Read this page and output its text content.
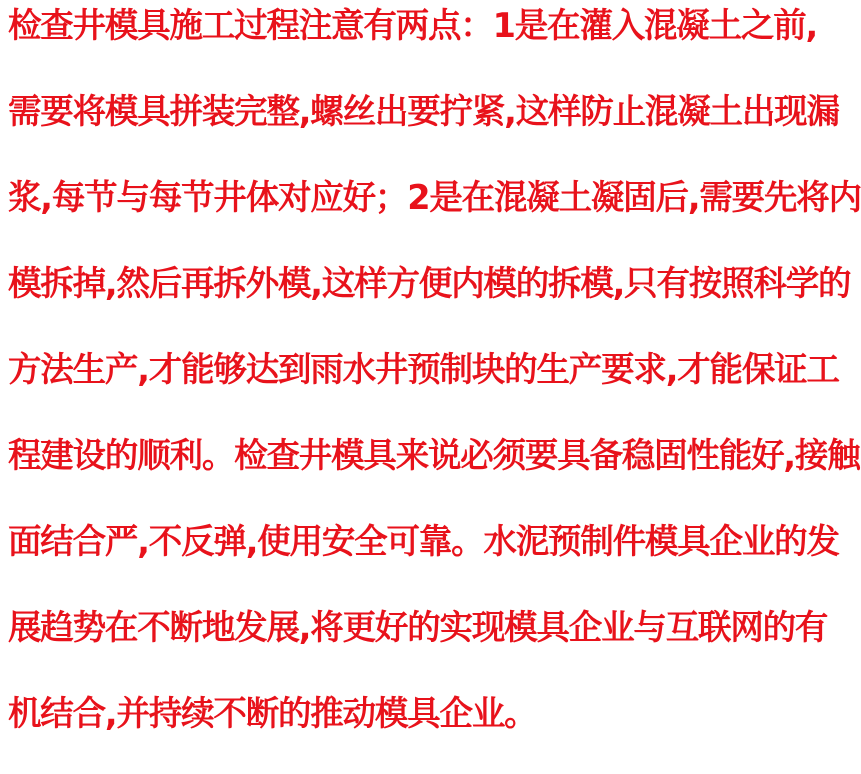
检查井模具施工过程注意有两点：1是在灌入混凝土之前,
需要将模具拼装完整,螺丝出要拧紧,这样防止混凝土出现漏
浆,每节与每节井体对应好；2是在混凝土凝固后,需要先将内
模拆掉,然后再拆外模,这样方便内模的拆模,只有按照科学的
方法生产,才能够达到雨水井预制块的生产要求,才能保证工
程建设的顺利。检查井模具来说必须要具备稳固性能好,接触
面结合严,不反弹,使用安全可靠。水泥预制件模具企业的发
展趋势在不断地发展,将更好的实现模具企业与互联网的有
机结合,并持续不断的推动模具企业。
